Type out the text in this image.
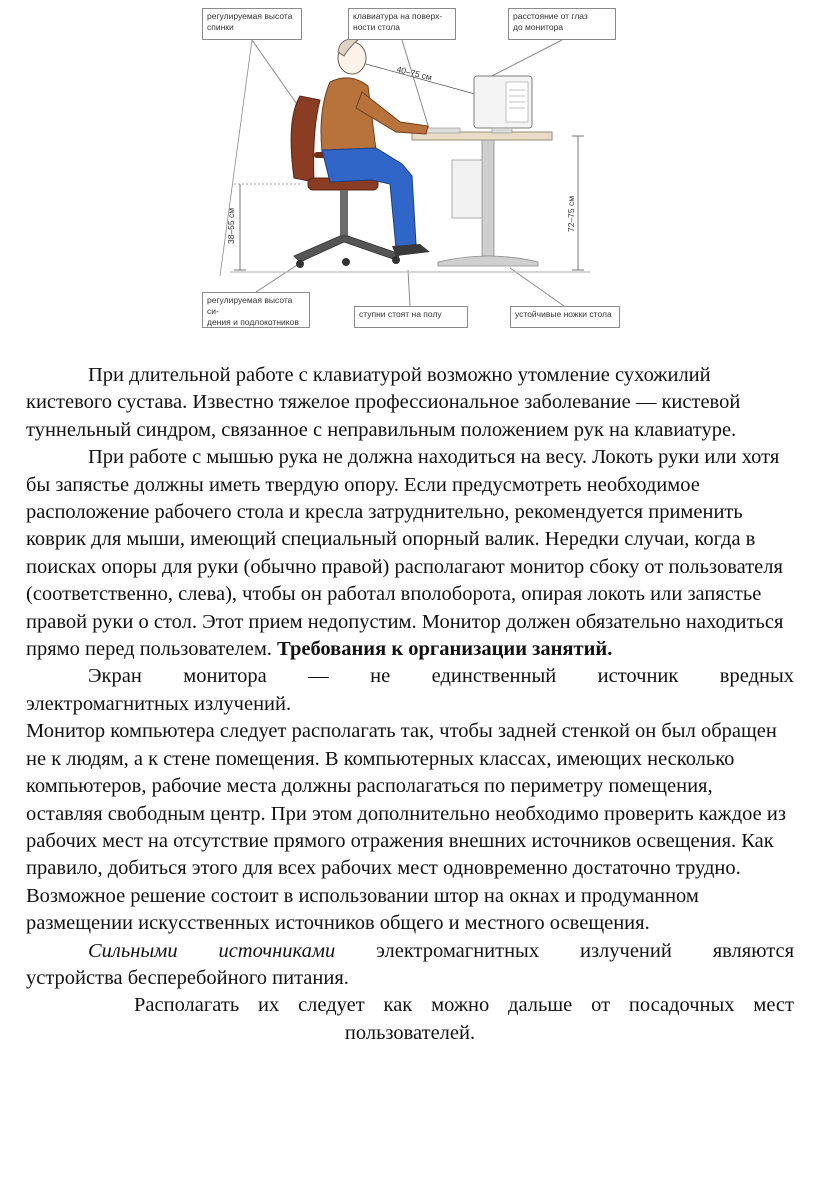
регулируемая высота
спинки
клавиатура на поверх-
ности стола
расстояние от глаз
до монитора
регулируемая высота си-
дения и подлокотников
ступни стоят на полу	устойчивые ножки стола
40–75 см
38–55 см	72–75 см

При длительной работе с клавиатурой возможно утомление сухожилий кистевого сустава. Известно тяжелое профессиональное заболевание — кистевой туннельный синдром, связанное с неправильным положением рук на клавиатуре.

При работе с мышью рука не должна находиться на весу. Локоть руки или хотя бы запястье должны иметь твердую опору. Если предусмотреть необходимое расположение рабочего стола и кресла затруднительно, рекомендуется применить коврик для мыши, имеющий специальный опорный валик. Нередки случаи, когда в поисках опоры для руки (обычно правой) располагают монитор сбоку от пользователя (соответственно, слева), чтобы он работал вполоборота, опирая локоть или запястье правой руки о стол. Этот прием недопустим. Монитор должен обязательно находиться прямо перед пользователем. Требования к организации занятий.

Экран монитора — не единственный источник вредных

электромагнитных излучений.

Монитор компьютера следует располагать так, чтобы задней стенкой он был обращен не к людям, а к стене помещения. В компьютерных классах, имеющих несколько компьютеров, рабочие места должны располагаться по периметру помещения, оставляя свободным центр. При этом дополнительно необходимо проверить каждое из рабочих мест на отсутствие прямого отражения внешних источников освещения. Как правило, добиться этого для всех рабочих мест одновременно достаточно трудно. Возможное решение состоит в использовании штор на окнах и продуманном размещении искусственных источников общего и местного освещения.

Сильными источниками электромагнитных излучений являются

устройства бесперебойного питания.

Располагать их следует как можно дальше от посадочных мест

пользователей.
